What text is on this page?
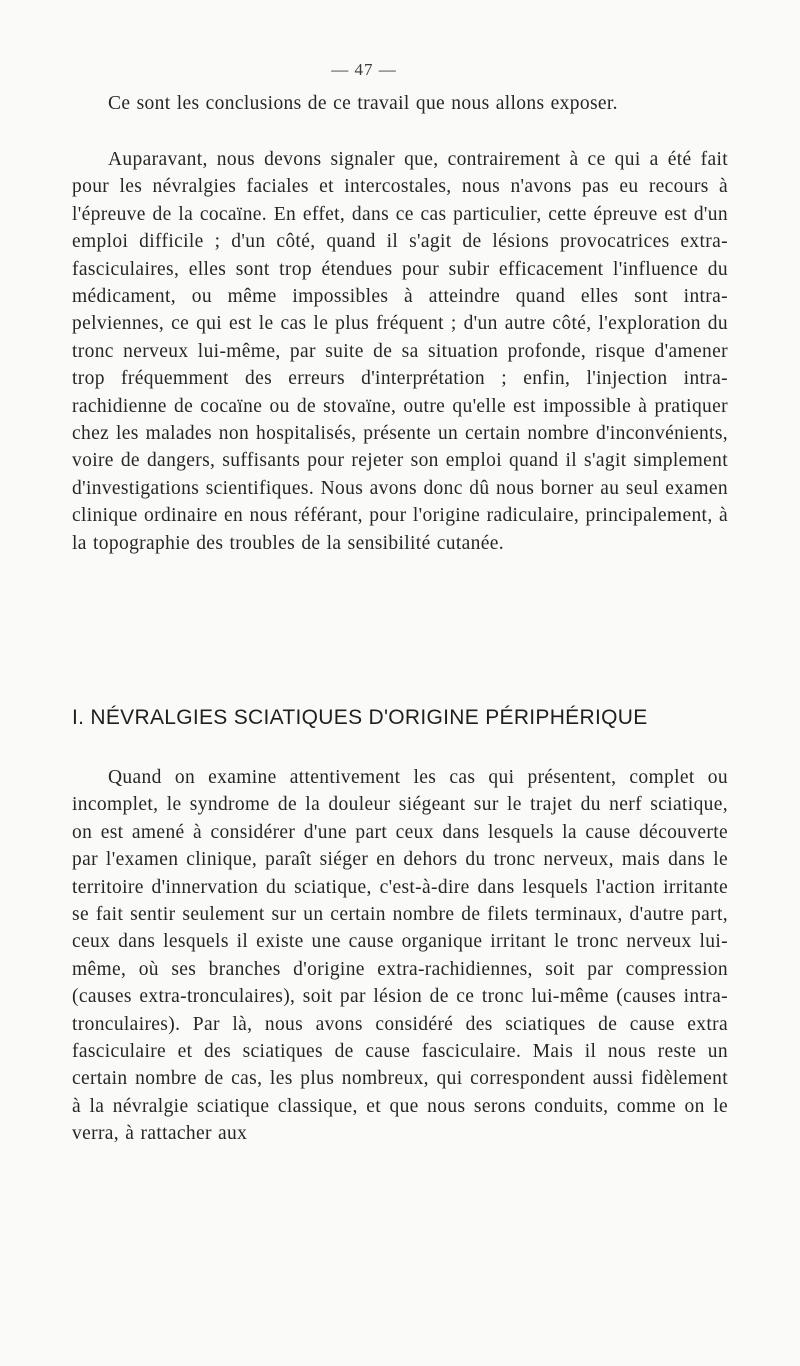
— 47 —

Ce sont les conclusions de ce travail que nous allons exposer.

Auparavant, nous devons signaler que, contrairement à ce qui a été fait pour les névralgies faciales et intercostales, nous n'avons pas eu recours à l'épreuve de la cocaïne. En effet, dans ce cas particulier, cette épreuve est d'un emploi difficile ; d'un côté, quand il s'agit de lésions provocatrices extra-fasciculaires, elles sont trop étendues pour subir efficacement l'influence du médicament, ou même impossibles à atteindre quand elles sont intra-pelviennes, ce qui est le cas le plus fréquent ; d'un autre côté, l'exploration du tronc nerveux lui-même, par suite de sa situation profonde, risque d'amener trop fréquemment des erreurs d'interprétation ; enfin, l'injection intra-rachidienne de cocaïne ou de stovaïne, outre qu'elle est impossible à pratiquer chez les malades non hospitalisés, présente un certain nombre d'inconvénients, voire de dangers, suffisants pour rejeter son emploi quand il s'agit simplement d'investigations scientifiques. Nous avons donc dû nous borner au seul examen clinique ordinaire en nous référant, pour l'origine radiculaire, principalement, à la topographie des troubles de la sensibilité cutanée.

I. NÉVRALGIES SCIATIQUES D'ORIGINE PÉRIPHÉRIQUE

Quand on examine attentivement les cas qui présentent, complet ou incomplet, le syndrome de la douleur siégeant sur le trajet du nerf sciatique, on est amené à considérer d'une part ceux dans lesquels la cause découverte par l'examen clinique, paraît siéger en dehors du tronc nerveux, mais dans le territoire d'innervation du sciatique, c'est-à-dire dans lesquels l'action irritante se fait sentir seulement sur un certain nombre de filets terminaux, d'autre part, ceux dans lesquels il existe une cause organique irritant le tronc nerveux lui-même, où ses branches d'origine extra-rachidiennes, soit par compression (causes extra-tronculaires), soit par lésion de ce tronc lui-même (causes intra-tronculaires). Par là, nous avons considéré des sciatiques de cause extra fasciculaire et des sciatiques de cause fasciculaire. Mais il nous reste un certain nombre de cas, les plus nombreux, qui correspondent aussi fidèlement à la névralgie sciatique classique, et que nous serons conduits, comme on le verra, à rattacher aux
